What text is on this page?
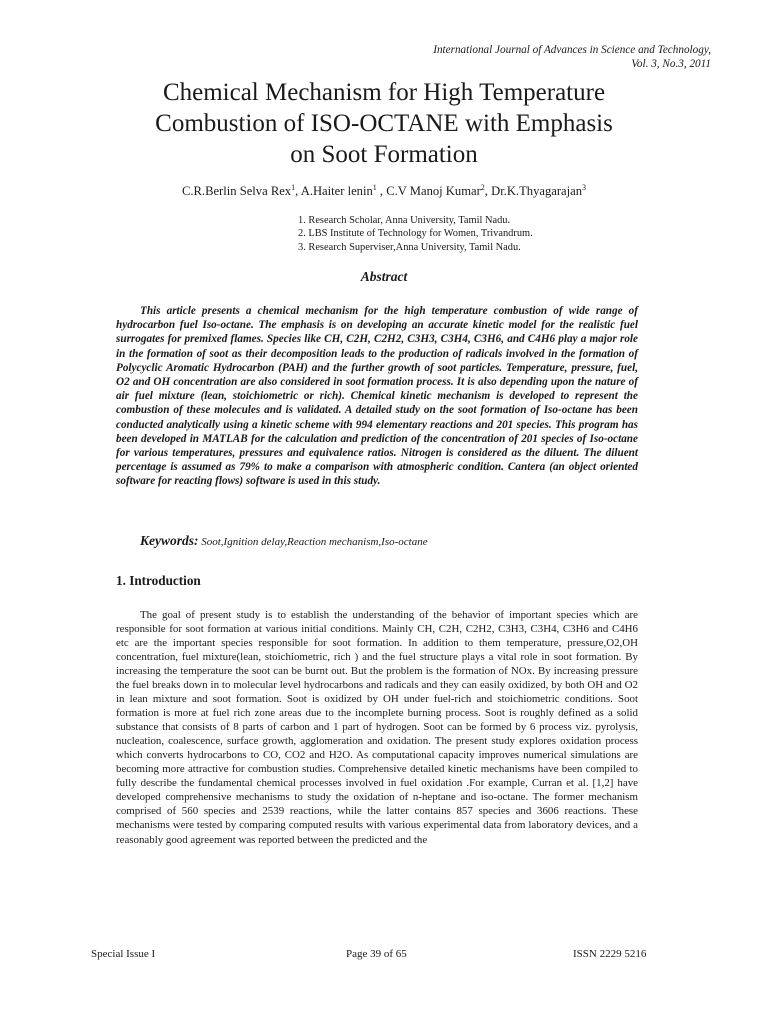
International Journal of Advances in Science and Technology,
Vol. 3, No.3, 2011
Chemical Mechanism for High Temperature
Combustion of ISO-OCTANE with Emphasis
on Soot Formation
C.R.Berlin Selva Rex$^1$, A.Haiter lenin$^1$ , C.V Manoj Kumar$^2$, Dr.K.Thyagarajan$^3$
1. Research Scholar, Anna University, Tamil Nadu.
2. LBS Institute of Technology for Women, Trivandrum.
3. Research Superviser,Anna University, Tamil Nadu.
Abstract

This article presents a chemical mechanism for the high temperature combustion of wide range of hydrocarbon fuel Iso-octane. The emphasis is on developing an accurate kinetic model for the realistic fuel surrogates for premixed flames. Species like CH, C2H, C2H2, C3H3, C3H4, C3H6, and C4H6 play a major role in the formation of soot as their decomposition leads to the production of radicals involved in the formation of Polycyclic Aromatic Hydrocarbon (PAH) and the further growth of soot particles. Temperature, pressure, fuel, O2 and OH concentration are also considered in soot formation process. It is also depending upon the nature of air fuel mixture (lean, stoichiometric or rich). Chemical kinetic mechanism is developed to represent the combustion of these molecules and is validated. A detailed study on the soot formation of Iso-octane has been conducted analytically using a kinetic scheme with 994 elementary reactions and 201 species. This program has been developed in MATLAB for the calculation and prediction of the concentration of 201 species of Iso-octane for various temperatures, pressures and equivalence ratios. Nitrogen is considered as the diluent. The diluent percentage is assumed as 79% to make a comparison with atmospheric condition. Cantera (an object oriented software for reacting flows) software is used in this study.

Keywords: Soot,Ignition delay,Reaction mechanism,Iso-octane
1. Introduction

The goal of present study is to establish the understanding of the behavior of important species which are responsible for soot formation at various initial conditions. Mainly CH, C2H, C2H2, C3H3, C3H4, C3H6 and C4H6 etc are the important species responsible for soot formation. In addition to them temperature, pressure,O2,OH concentration, fuel mixture(lean, stoichiometric, rich ) and the fuel structure plays a vital role in soot formation. By increasing the temperature the soot can be burnt out. But the problem is the formation of NOx. By increasing pressure the fuel breaks down in to molecular level hydrocarbons and radicals and they can easily oxidized, by both OH and O2 in lean mixture and soot formation. Soot is oxidized by OH under fuel-rich and stoichiometric conditions. Soot formation is more at fuel rich zone areas due to the incomplete burning process. Soot is roughly defined as a solid substance that consists of 8 parts of carbon and 1 part of hydrogen. Soot can be formed by 6 process viz. pyrolysis, nucleation, coalescence, surface growth, agglomeration and oxidation. The present study explores oxidation process which converts hydrocarbons to CO, CO2 and H2O. As computational capacity improves numerical simulations are becoming more attractive for combustion studies. Comprehensive detailed kinetic mechanisms have been compiled to fully describe the fundamental chemical processes involved in fuel oxidation .For example, Curran et al. [1,2] have developed comprehensive mechanisms to study the oxidation of n-heptane and iso-octane. The former mechanism comprised of 560 species and 2539 reactions, while the latter contains 857 species and 3606 reactions. These mechanisms were tested by comparing computed results with various experimental data from laboratory devices, and a reasonably good agreement was reported between the predicted and the

Special Issue I	Page 39 of 65	ISSN 2229 5216
